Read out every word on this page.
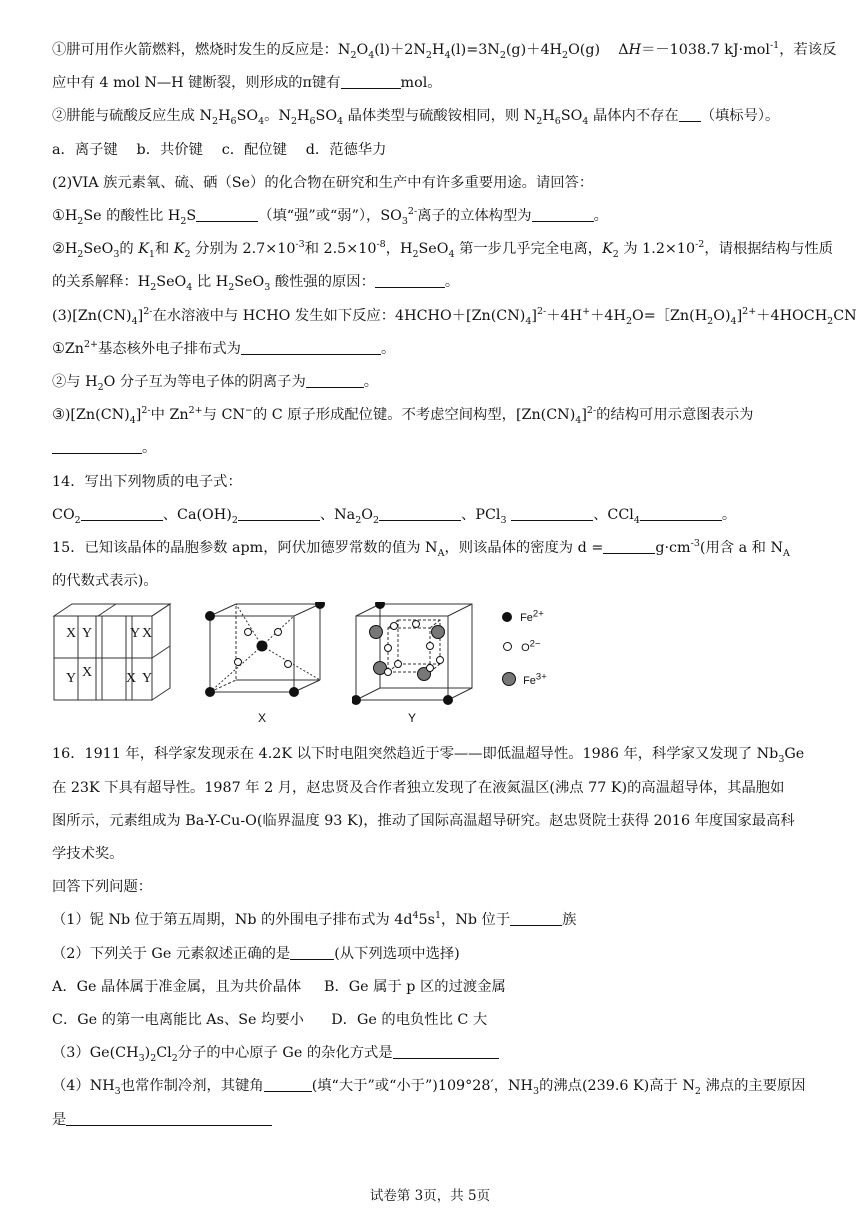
①肼可用作火箭燃料，燃烧时发生的反应是：$N_2O_4(l)+2N_2H_4(l)=3N_2(g)+4H_2O(g)$    ΔH＝－1038.7 kJ·mol$^{-1}$，若该反
应中有 4 mol N—H 键断裂，则形成的π键有	mol。
②肼能与硫酸反应生成 $N_2H_6SO_4$。$N_2H_6SO_4$ 晶体类型与硫酸铵相同，则 $N_2H_6SO_4$ 晶体内不存在 （填标号）。
a．离子键　 b．共价键　 c．配位键　 d．范德华力
(2)VIA 族元素氧、硫、硒（Se）的化合物在研究和生产中有许多重要用途。请回答：
$①H_2Se$ 的酸性比 $H_2S$	（填“强”或“弱”），$SO_3^{2-}$离子的立体构型为	。
$②H_2SeO_3$的 $K_1$和 $K_2$ 分别为 $2.7\times 10^{-3}$和 $2.5\times 10^{-8}$，$H_2SeO_4$ 第一步几乎完全电离，$K_2$ 为 $1.2\times 10^{-2}$，请根据结构与性质
的关系解释：$H_2SeO_4$ 比 $H_2SeO_3$ 酸性强的原因：	。
$(3)[Zn(CN)_4]^{2-}$在水溶液中与 HCHO 发生如下反应：$4HCHO+[Zn(CN)_4]^{2-}+4H^++4H_2O=[Zn(H_2O)_4]^{2+}+4HOCH_2CN$
$①Zn^{2+}$基态核外电子排布式为	。
②与 $H_2O$ 分子互为等电子体的阴离子为	。
$③)[Zn(CN)_4]^{2-}$中 $Zn^{2+}$与 CN−的 C 原子形成配位键。不考虑空间构型，$[Zn(CN)_4]^{2-}$的结构可用示意图表示为
。
14．写出下列物质的电子式：
$CO_2$	、$Ca(OH)_2$	、$Na_2O_2$	、PCl$_3$	、CCl$_4$	。
15．已知该晶体的晶胞参数 apm，阿伏加德罗常数的值为 $N_A$，则该晶体的密度为 d =	$g\cdot cm^{-3}$(用含 a 和 $N_A$
的代数式表示)。
X Y	Y X
Y X X Y
X	Y
$Fe^{2+}$
$O^{2-}$
$Fe^{3+}$
16．1911 年，科学家发现汞在 4.2K 以下时电阻突然趋近于零——即低温超导性。1986 年，科学家又发现了 $Nb_3Ge$
在 23K 下具有超导性。1987 年 2 月，赵忠贤及合作者独立发现了在液氮温区(沸点 77 K)的高温超导体，其晶胞如
图所示，元素组成为 Ba-Y-Cu-O(临界温度 93 K)，推动了国际高温超导研究。赵忠贤院士获得 2016 年度国家最高科
学技术奖。
回答下列问题：
（1）铌 Nb 位于第五周期，Nb 的外围电子排布式为 $4d^45s^1$，Nb 位于	族
（2）下列关于 Ge 元素叙述正确的是	(从下列选项中选择)
A．Ge 晶体属于准金属，且为共价晶体 B．Ge 属于 p 区的过渡金属
C．Ge 的第一电离能比 As、Se 均要小 D．Ge 的电负性比 C 大
$(3)Ge(CH_3)_2Cl_2$分子的中心原子 Ge 的杂化方式是
$(4)NH_3$也常作制冷剂，其键角	(填“大于”或“小于”)109°28′，$NH_3$的沸点(239.6 K)高于 $N_2$ 沸点的主要原因
是
试卷第 3页，共 5页
